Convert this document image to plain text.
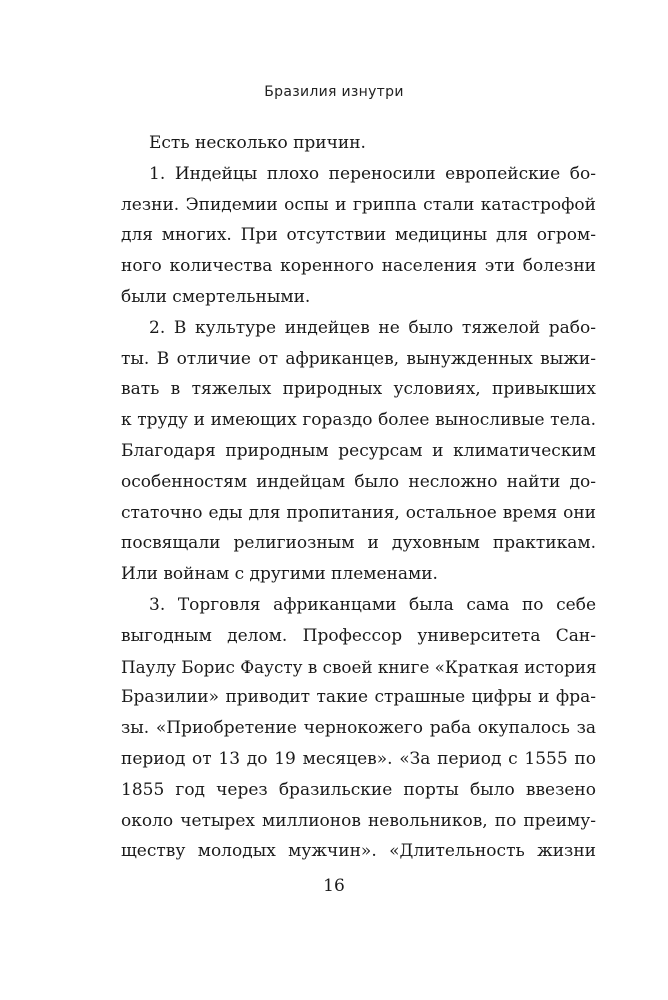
Бразилия изнутри
Есть несколько причин.
1. Индейцы плохо переносили европейские бо-
лезни. Эпидемии оспы и гриппа стали катастрофой
для многих. При отсутствии медицины для огром-
ного количества коренного населения эти болезни
были смертельными.
2. В культуре индейцев не было тяжелой рабо-
ты. В отличие от африканцев, вынужденных выжи-
вать в тяжелых природных условиях, привыкших
к труду и имеющих гораздо более выносливые тела.
Благодаря природным ресурсам и климатическим
особенностям индейцам было несложно найти до-
статочно еды для пропитания, остальное время они
посвящали религиозным и духовным практикам.
Или войнам с другими племенами.
3. Торговля африканцами была сама по себе
выгодным делом. Профессор университета Сан-
Паулу Борис Фаусту в своей книге «Краткая история
Бразилии» приводит такие страшные цифры и фра-
зы. «Приобретение чернокожего раба окупалось за
период от 13 до 19 месяцев». «За период с 1555 по
1855 год через бразильские порты было ввезено
около четырех миллионов невольников, по преиму-
ществу молодых мужчин». «Длительность жизни
16
